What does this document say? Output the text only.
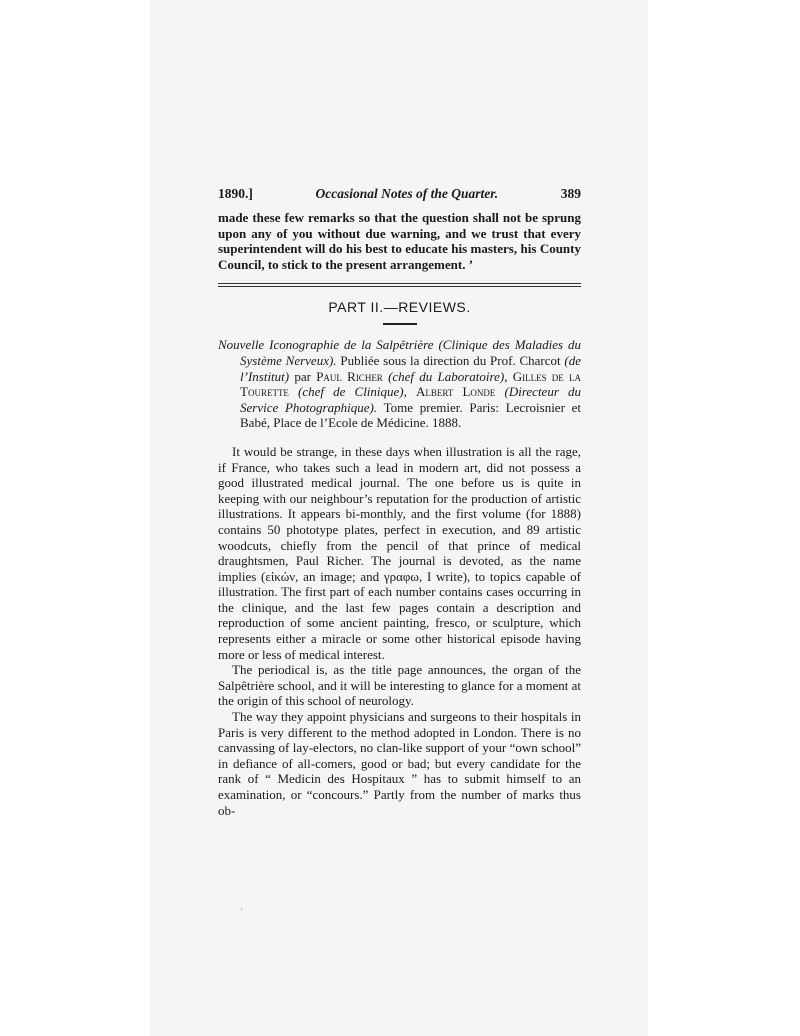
1890.]	Occasional Notes of the Quarter.	389

made these few remarks so that the question shall not be sprung upon any of you without due warning, and we trust that every superintendent will do his best to educate his masters, his County Council, to stick to the present arrangement. ’

PART II.—REVIEWS.
Nouvelle Iconographie de la Salpêtrière (Clinique des Maladies du Système Nerveux). Publiée sous la direction du Prof. Charcot (de l’Institut) par Paul Richer (chef du Laboratoire), Gilles de la Tourette (chef de Clinique), Albert Londe (Directeur du Service Photographique). Tome premier. Paris: Lecroisnier et Babé, Place de l’Ecole de Médicine. 1888.

It would be strange, in these days when illustration is all the rage, if France, who takes such a lead in modern art, did not possess a good illustrated medical journal. The one before us is quite in keeping with our neighbour’s reputation for the production of artistic illustrations. It appears bi-monthly, and the first volume (for 1888) contains 50 phototype plates, perfect in execution, and 89 artistic woodcuts, chiefly from the pencil of that prince of medical draughtsmen, Paul Richer. The journal is devoted, as the name implies (εἰκών, an image; and γραφω, I write), to topics capable of illustration. The first part of each number contains cases occurring in the clinique, and the last few pages contain a description and reproduction of some ancient painting, fresco, or sculpture, which represents either a miracle or some other historical episode having more or less of medical interest.

The periodical is, as the title page announces, the organ of the Salpêtrière school, and it will be interesting to glance for a moment at the origin of this school of neurology.

The way they appoint physicians and surgeons to their hospitals in Paris is very different to the method adopted in London. There is no canvassing of lay-electors, no clan-like support of your “own school” in defiance of all-comers, good or bad; but every candidate for the rank of “ Medicin des Hospitaux ” has to submit himself to an examination, or “concours.” Partly from the number of marks thus ob-

·
